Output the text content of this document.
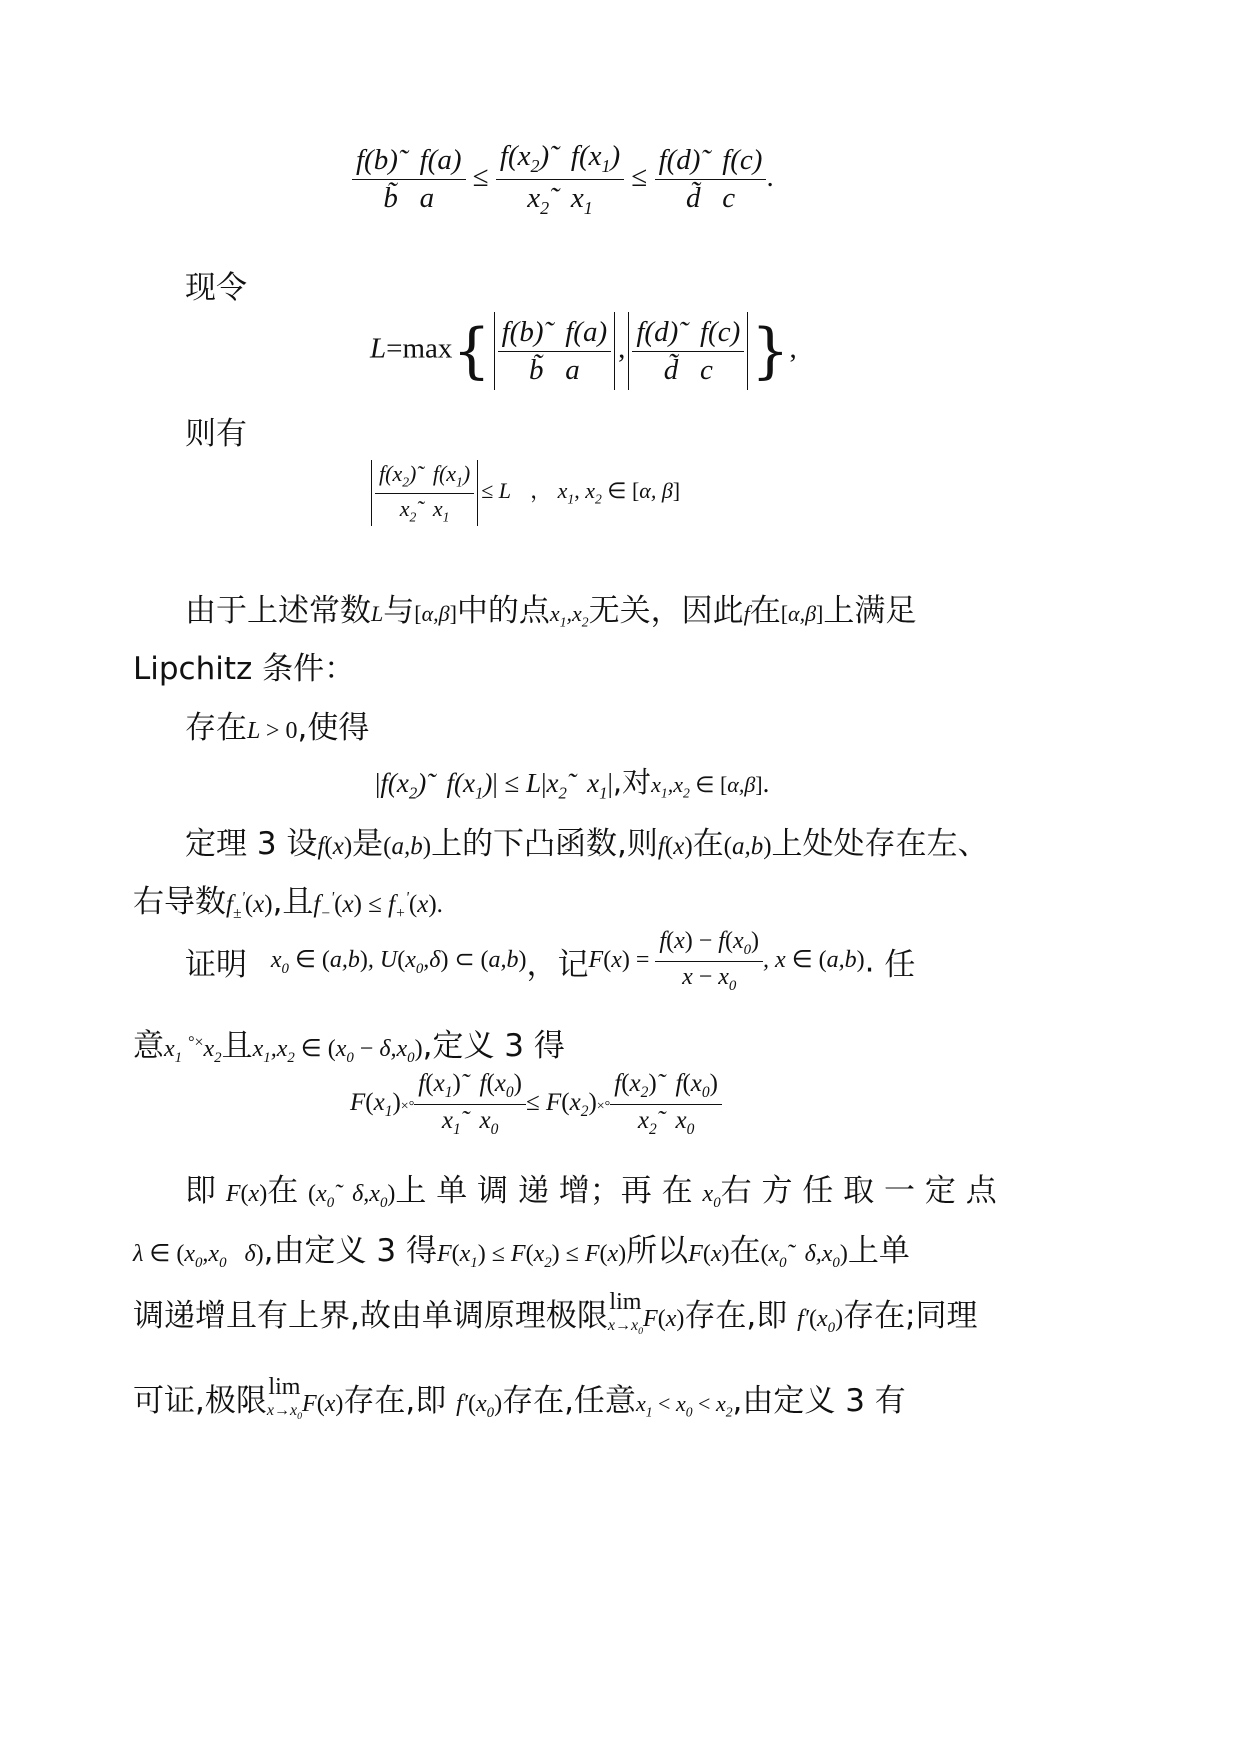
$\frac{f(b)̃ f(a)}{b̃ a} \le \frac{f(x_2)̃ f(x_1)}{x_2̃ x_1} \le \frac{f(d)̃ f(c)}{d̃ c}$ .
现令
$L=\max\{ \frac{f(b)̃ f(a)}{b̃ a}$ , $\frac{f(d)̃ f(c)}{d̃ c}$ },
则有
$\frac{f(x_2)̃ f(x_1)}{x_2̃ x_1} \le L$ ， $x_1$, $x_2$ ∈ [α, β]
由于上述常数L与[α,β]中的点$x_1,x_2$无关，因此f在[α,β]上满足
Lipchitz 条件：
存在L > 0,使得
$|f(x_2)̃$   $f(x_1)|$ ≤ $L|x_2̃$   $x_1|$,对$x_1,x_2$ ∈ [α,β].
定理 3 设f(x)是(a,b)上的下凸函数,则f(x)在(a,b)上处处存在左、
右导数$f_\pm'(x)$,且$f_-'(x) \le f_+'(x)$.
证明 $x_0$ ∈ (a,b), $U(x_0,\delta)$ ⊂ (a,b)，记$F(x) = \frac{f(x) - f(x_0)}{x - x_0}$ , x ∈ (a,b). 任
意$x_1$ $^{^\circ\times}x_2$且$x_1,x_2$ ∈ $(x_0 - \delta,x_0)$,定义 3 得
$F(x_1)\times^\circ \frac{f(x_1)̃ f(x_0)}{x_1̃ x_0} \le F(x_2)\times^\circ \frac{f(x_2)̃ f(x_0)}{x_2̃ x_0}$
即 F(x)在 ($x_0̃$   $\delta,x_0$)上 单 调 递 增；再 在 $x_0$右 方 任 取 一 定 点
λ ∈ ($x_0,x_0$   δ),由定义 3 得$F(x_1) \le F(x_2) \le F(x)$所以F(x)在($x_0̃$   $\delta,x_0$)上单
调递增且有上界,故由单调原理极限lim
$x\to x_0$ F(x)存在,即 $f'(x_0)$存在;同理
可证,极限lim
$x\to x_0$ F(x)存在,即 $f'(x_0)$存在,任意$x_1 < x_0 < x_2$,由定义 3 有
